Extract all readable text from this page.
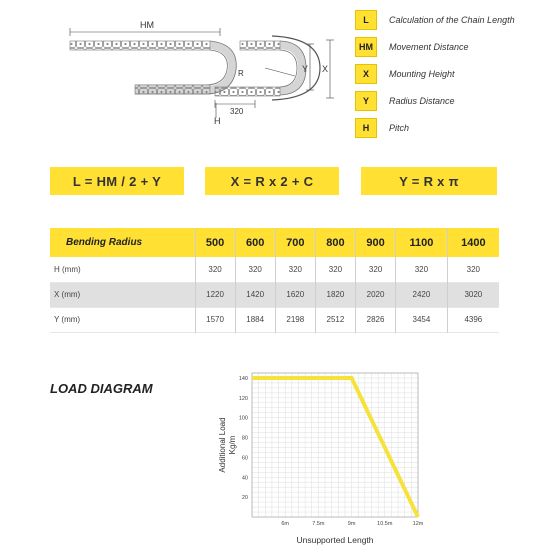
HM
Y X
R
H
320
L	Calculation of the Chain Length
HM	Movement Distance
X	Mounting Height
Y	Radius Distance
H	Pitch
L = HM / 2 + Y	X = R x 2 + C	Y = R x π
Bending Radius	500	600	700	800	900	1100	1400
H (mm)	320	320	320	320	320	320	320
X (mm)	1220	1420	1620	1820	2020	2420	3020
Y (mm)	1570	1884	2198	2512	2826	3454	4396
LOAD DIAGRAM
20
40
60
80
100
120
140
6m	7.5m	9m	10.5m	12m
Unsupported Length
Additional Load Kg/m
